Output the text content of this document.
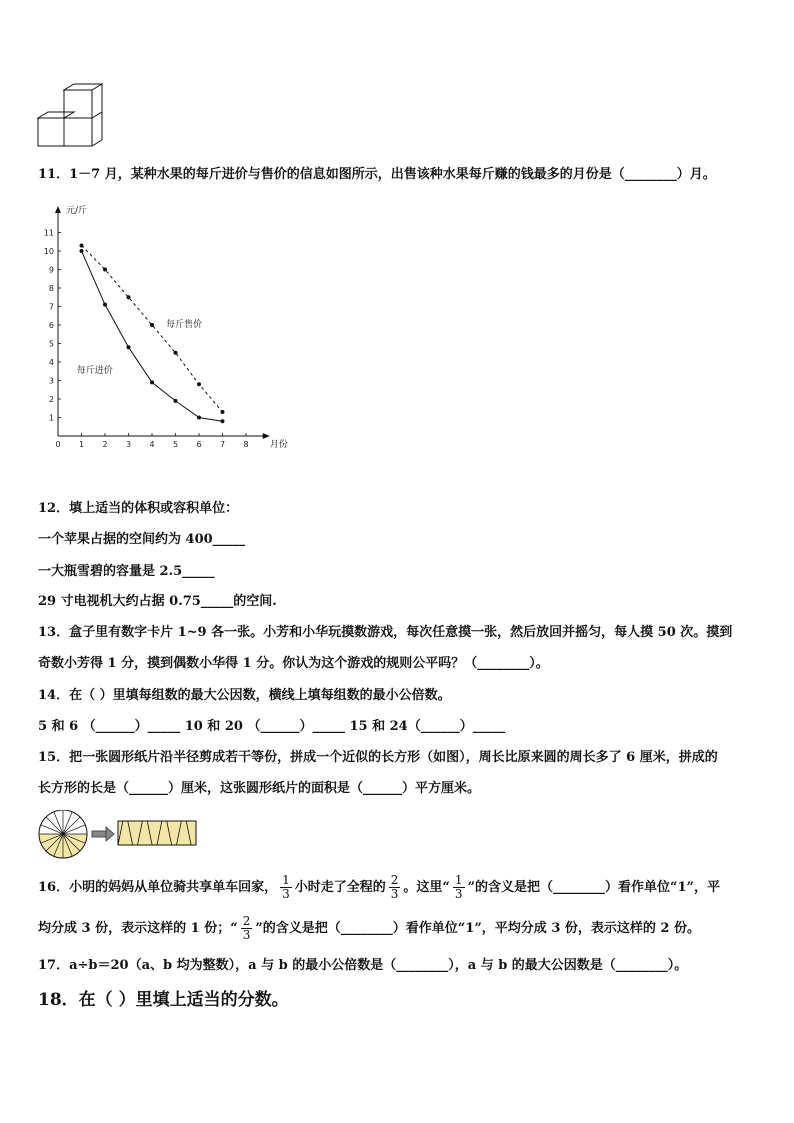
11．1－7 月，某种水果的每斤进价与售价的信息如图所示，出售该种水果每斤赚的钱最多的月份是（________）月。
0 1 2 3 4 5 6 7 8
1
2
3
4
5
6
7
8
9
10
11
元/斤
月份
每斤售价
每斤进价
12．填上适当的体积或容积单位：
一个苹果占据的空间约为 400_____
一大瓶雪碧的容量是 2.5_____
29 寸电视机大约占据 0.75_____的空间.
13．盒子里有数字卡片 1~9 各一张。小芳和小华玩摸数游戏，每次任意摸一张，然后放回并摇匀，每人摸 50 次。摸到
奇数小芳得 1 分，摸到偶数小华得 1 分。你认为这个游戏的规则公平吗？（________）。
14．在（ ）里填每组数的最大公因数，横线上填每组数的最小公倍数。
5 和 6 （______）_____ 10 和 20 （______）_____ 15 和 24（______）_____
15．把一张圆形纸片沿半径剪成若干等份，拼成一个近似的长方形（如图），周长比原来圆的周长多了 6 厘米，拼成的
长方形的长是（______）厘米，这张圆形纸片的面积是（______）平方厘米。
16．小明的妈妈从单位骑共享单车回家， $\frac{1}{3}$ 小时走了全程的 $\frac{2}{3}$ 。这里“ $\frac{1}{3}$ ”的含义是把（________）看作单位“1”，平
均分成 3 份，表示这样的 1 份；“ $\frac{2}{3}$ ”的含义是把（________）看作单位“1”，平均分成 3 份，表示这样的 2 份。
17．a÷b＝20（a、b 均为整数），a 与 b 的最小公倍数是（________），a 与 b 的最大公因数是（________）。
18．在（ ）里填上适当的分数。
